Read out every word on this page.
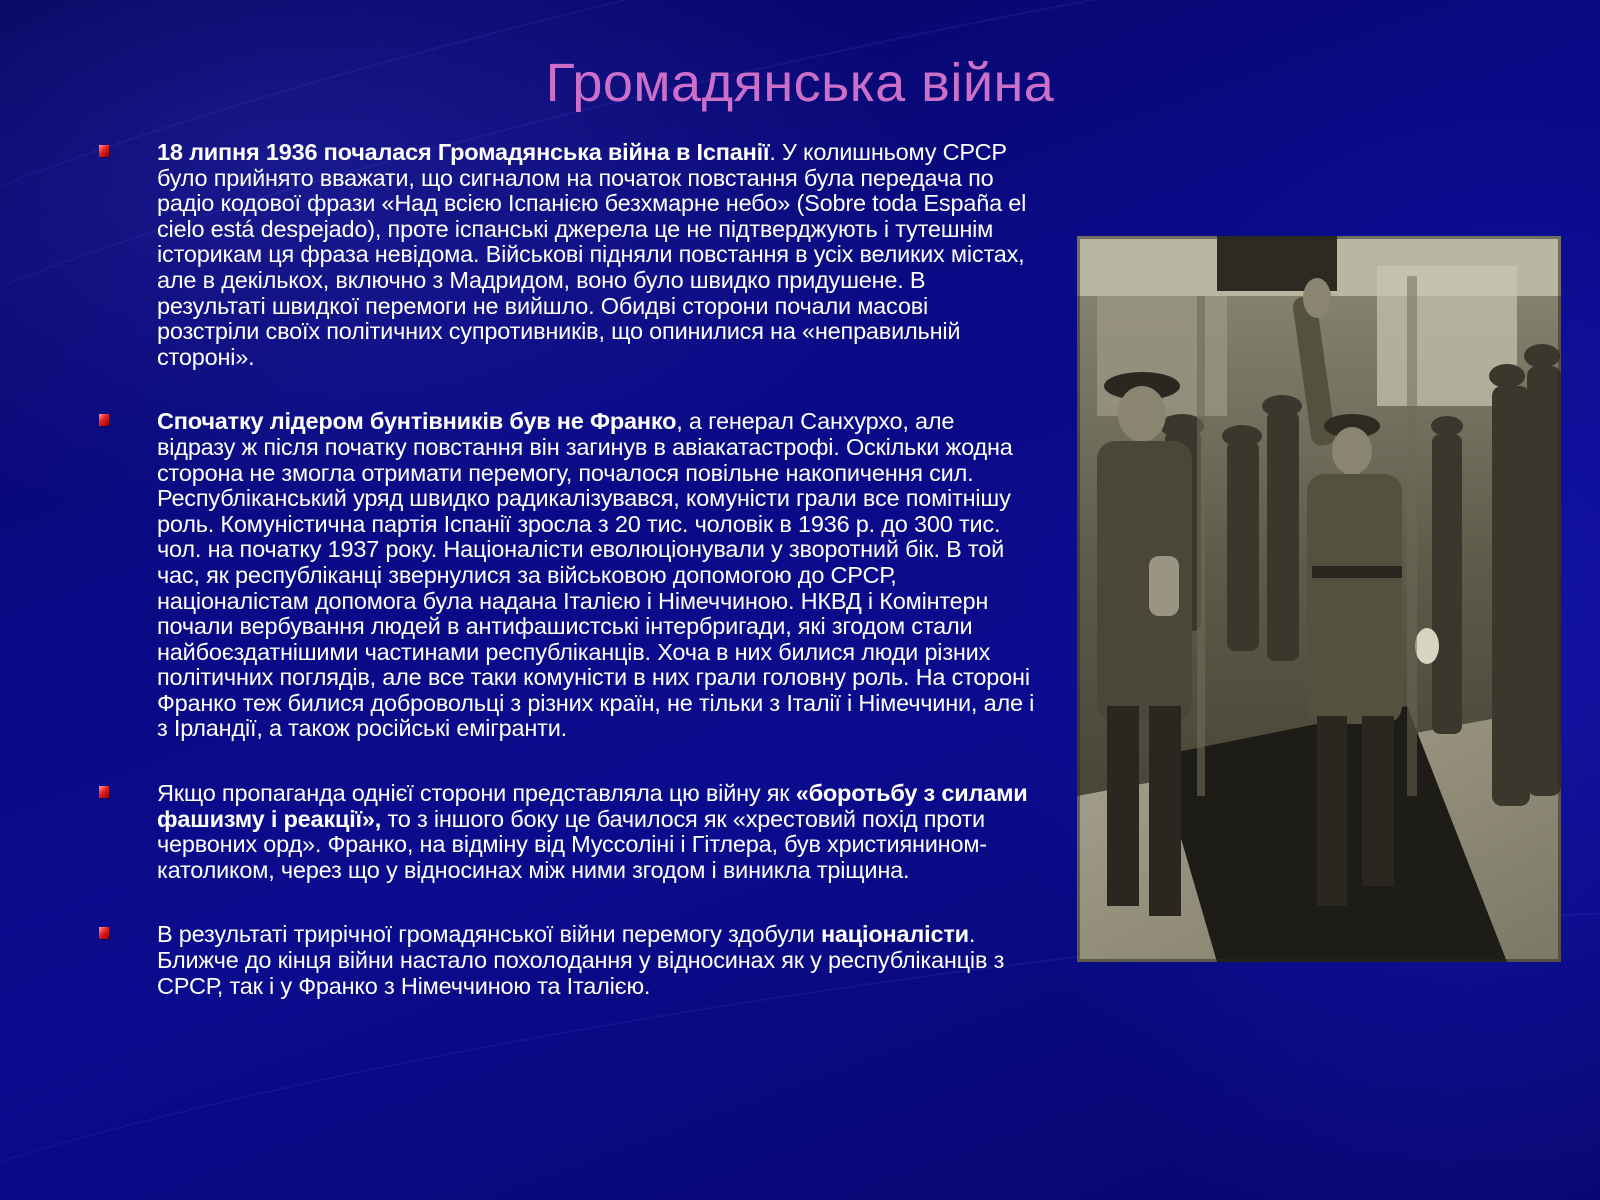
Громадянська війна
18 липня 1936 почалася Громадянська війна в Іспанії. У колишньому СРСР було прийнято вважати, що сигналом на початок повстання була передача по радіо кодової фрази «Над всією Іспанією безхмарне небо» (Sobre toda España el cielo está despejado), проте іспанські джерела це не підтверджують і тутешнім історикам ця фраза невідома. Військові підняли повстання в усіх великих містах, але в декількох, включно з Мадридом, воно було швидко придушене. В результаті швидкої перемоги не вийшло. Обидві сторони почали масові розстріли своїх політичних супротивників, що опинилися на «неправильній стороні».
Спочатку лідером бунтівників був не Франко, а генерал Санхурхо, але відразу ж після початку повстання він загинув в авіакатастрофі. Оскільки жодна сторона не змогла отримати перемогу, почалося повільне накопичення сил. Республіканський уряд швидко радикалізувався, комуністи грали все помітнішу роль. Комуністична партія Іспанії зросла з 20 тис. чоловік в 1936 р. до 300 тис. чол. на початку 1937 року. Націоналісти еволюціонували у зворотний бік. В той час, як республіканці звернулися за військовою допомогою до СРСР, націоналістам допомога була надана Італією і Німеччиною. НКВД і Комінтерн почали вербування людей в антифашистські інтербригади, які згодом стали найбоєздатнішими частинами республіканців. Хоча в них билися люди різних політичних поглядів, але все таки комуністи в них грали головну роль. На стороні Франко теж билися добровольці з різних країн, не тільки з Італії і Німеччини, але і з Ірландії, а також російські емігранти.
Якщо пропаганда однієї сторони представляла цю війну як «боротьбу з силами фашизму і реакції», то з іншого боку це бачилося як «хрестовий похід проти червоних орд». Франко, на відміну від Муссоліні і Гітлера, був християнином-католиком, через що у відносинах між ними згодом і виникла тріщина.
В результаті трирічної громадянської війни перемогу здобули націоналісти. Ближче до кінця війни настало похолодання у відносинах як у республіканців з СРСР, так і у Франко з Німеччиною та Італією.
